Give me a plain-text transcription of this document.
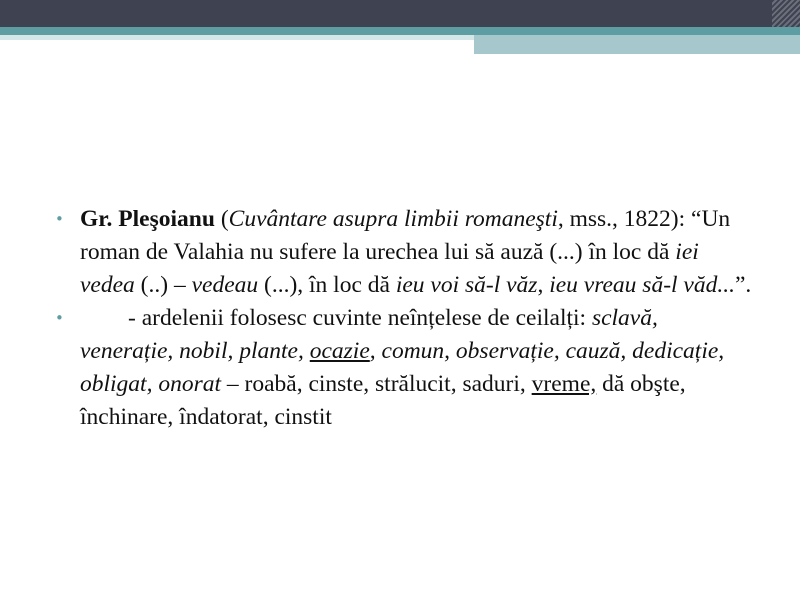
• Gr. Pleşoianu (Cuvântare asupra limbii romaneşti, mss., 1822): “Un roman de Valahia nu sufere la urechea lui să auză (...) în loc dă iei vedea (..) – vedeau (...), în loc dă ieu voi să-l văz, ieu vreau să-l văd...”.

•	- ardelenii folosesc cuvinte neînțelese de ceilalți: sclavă, venerație, nobil, plante, ocazie, comun, observație, cauză, dedicație, obligat, onorat – roabă, cinste, strălucit, saduri, vreme, dă obşte, închinare, îndatorat, cinstit
